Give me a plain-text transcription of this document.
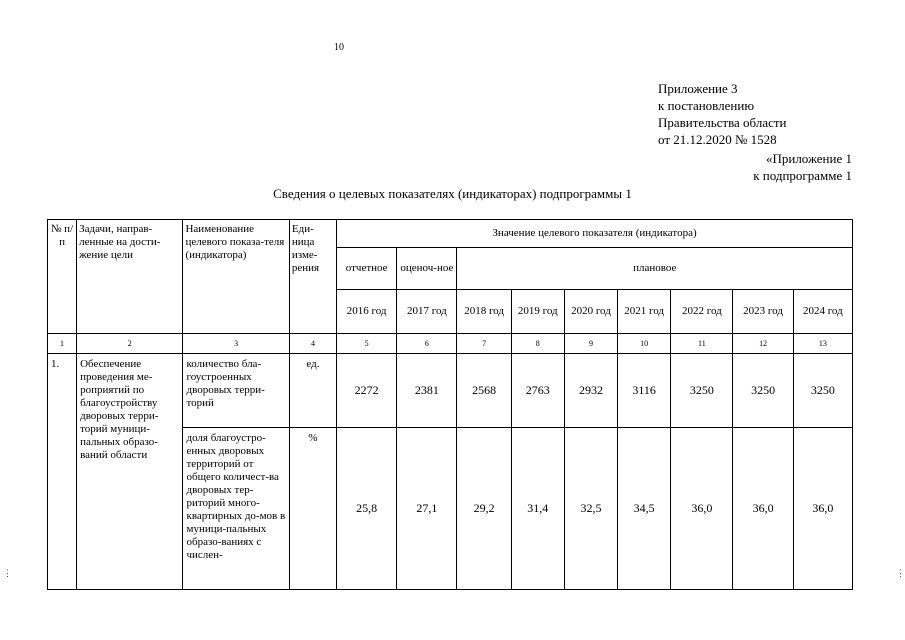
10
Приложение 3
к постановлению
Правительства области
от 21.12.2020 № 1528
«Приложение 1
к подпрограмме 1
Сведения о целевых показателях (индикаторах) подпрограммы 1
№ п/п	Задачи, направ-ленные на дости-жение цели	Наименование целевого показа-теля (индикатора)	Еди-ница изме-рения	Значение целевого показателя (индикатора)								
				отчетное	оценоч-ное	плановое						
				2016 год	2017 год	2018 год	2019 год	2020 год	2021 год	2022 год	2023 год	2024 год
1	2	3	4	5	6	7	8	9	10	11	12	13
1.	Обеспечение проведения ме-роприятий по благоустройству дворовых терри-торий муници-пальных образо-ваний области	количество бла-гоустроенных дворовых терри-торий	ед.	2272	2381	2568	2763	2932	3116	3250	3250	3250
		доля благоустро-енных дворовых территорий от общего количест-ва дворовых тер-риторий много-квартирных до-мов в муници-пальных образо-ваниях с числен-	%	25,8	27,1	29,2	31,4	32,5	34,5	36,0	36,0	36,0
⋮	⋮
